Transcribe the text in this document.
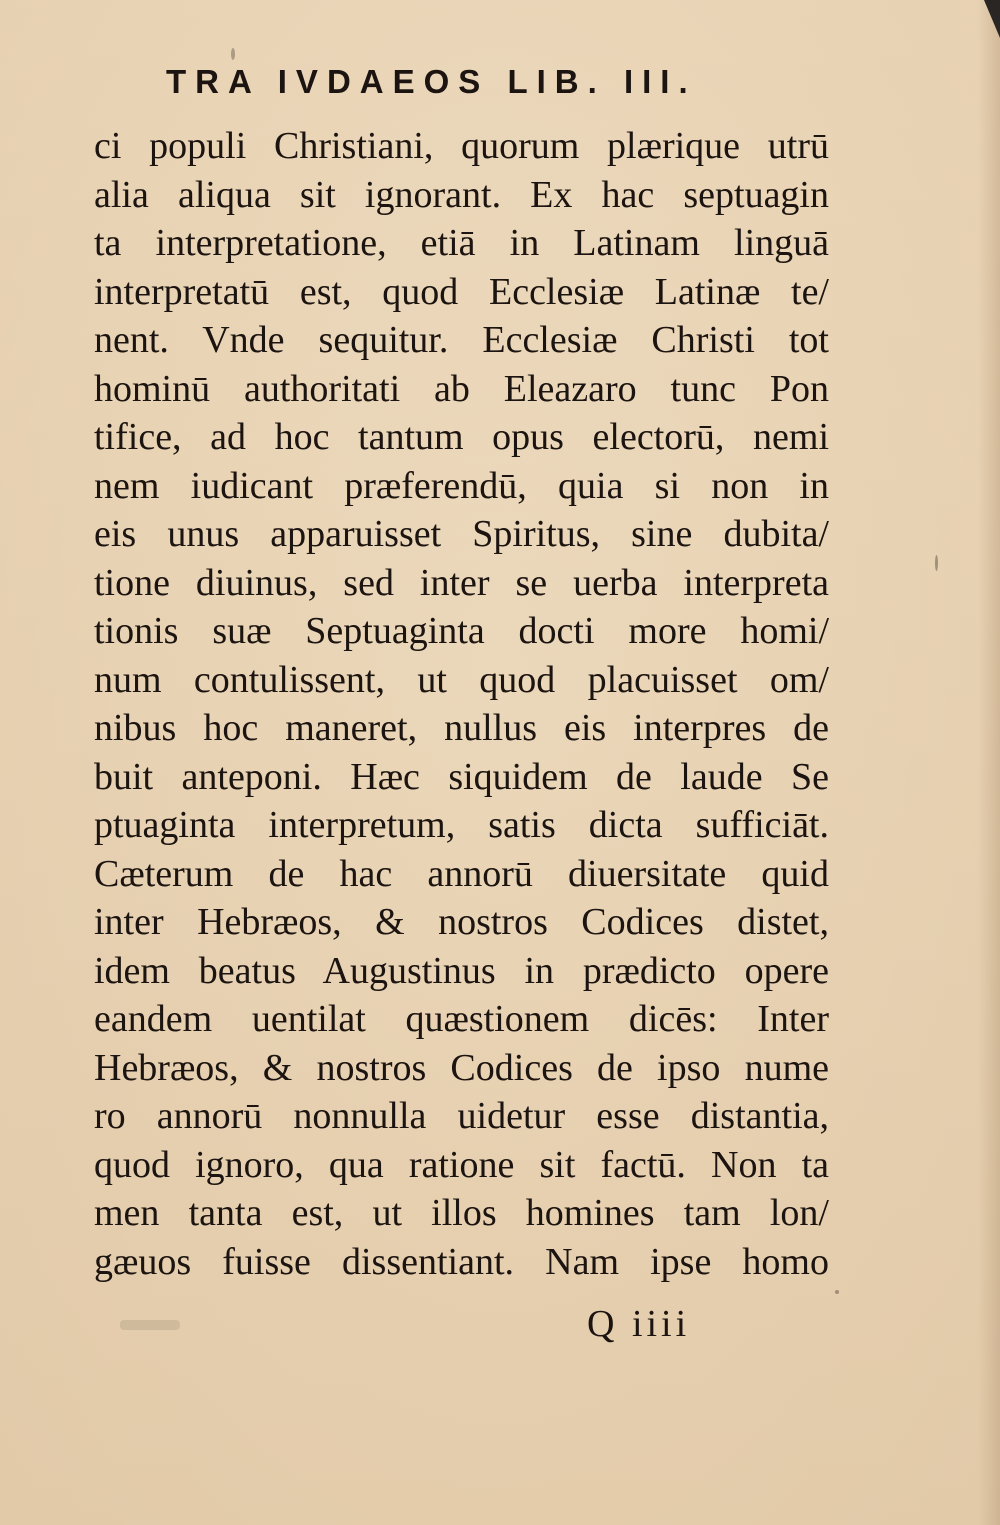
TRA IVDAEOS LIB. III.
ci populi Christiani, quorum plærique utrū
alia aliqua sit ignorant. Ex hac septuagin
ta interpretatione, etiā in Latinam linguā
interpretatū est, quod Ecclesiæ Latinæ te/
nent. Vnde sequitur. Ecclesiæ Christi tot
hominū authoritati ab Eleazaro tunc Pon
tifice, ad hoc tantum opus electorū, nemi
nem iudicant præferendū, quia si non in
eis unus apparuisset Spiritus, sine dubita/
tione diuinus, sed inter se uerba interpreta
tionis suæ Septuaginta docti more homi/
num contulissent, ut quod placuisset om/
nibus hoc maneret, nullus eis interpres de
buit anteponi. Hæc siquidem de laude Se
ptuaginta interpretum, satis dicta sufficiāt.
Cæterum de hac annorū diuersitate quid
inter Hebræos, & nostros Codices distet,
idem beatus Augustinus in prædicto opere
eandem uentilat quæstionem dicēs: Inter
Hebræos, & nostros Codices de ipso nume
ro annorū nonnulla uidetur esse distantia,
quod ignoro, qua ratione sit factū. Non ta
men tanta est, ut illos homines tam lon/
gæuos fuisse dissentiant. Nam ipse homo
Q iiii
